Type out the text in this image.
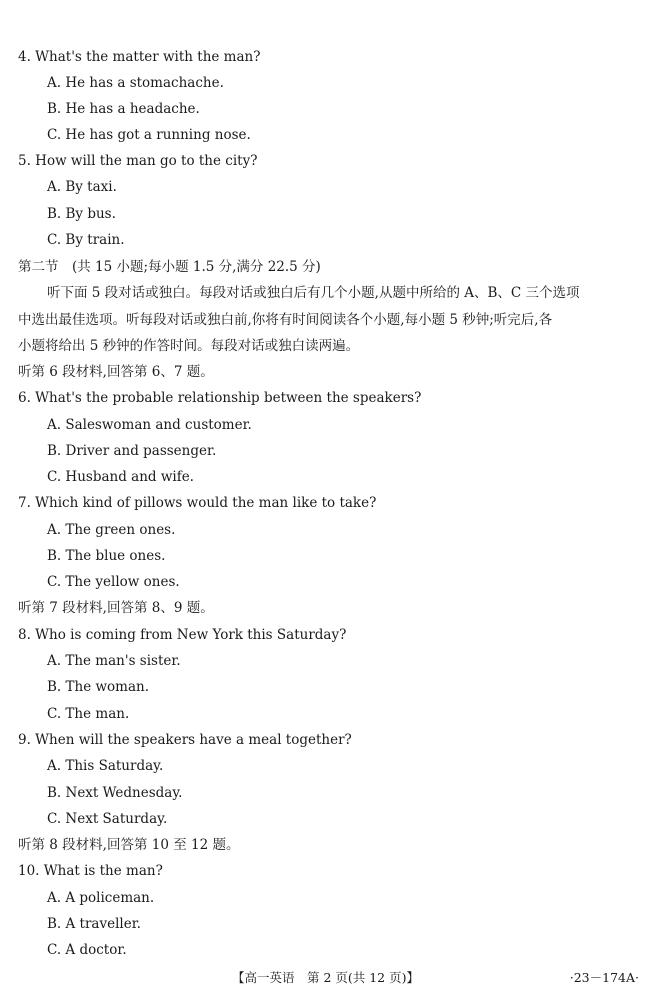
4. What's the matter with the man?
A. He has a stomachache.
B. He has a headache.
C. He has got a running nose.
5. How will the man go to the city?
A. By taxi.
B. By bus.
C. By train.
第二节　(共 15 小题;每小题 1.5 分,满分 22.5 分)
听下面 5 段对话或独白。每段对话或独白后有几个小题,从题中所给的 A、B、C 三个选项
中选出最佳选项。听每段对话或独白前,你将有时间阅读各个小题,每小题 5 秒钟;听完后,各
小题将给出 5 秒钟的作答时间。每段对话或独白读两遍。
听第 6 段材料,回答第 6、7 题。
6. What's the probable relationship between the speakers?
A. Saleswoman and customer.
B. Driver and passenger.
C. Husband and wife.
7. Which kind of pillows would the man like to take?
A. The green ones.
B. The blue ones.
C. The yellow ones.
听第 7 段材料,回答第 8、9 题。
8. Who is coming from New York this Saturday?
A. The man's sister.
B. The woman.
C. The man.
9. When will the speakers have a meal together?
A. This Saturday.
B. Next Wednesday.
C. Next Saturday.
听第 8 段材料,回答第 10 至 12 题。
10. What is the man?
A. A policeman.
B. A traveller.
C. A doctor.
【高一英语　第 2 页(共 12 页)】	·23－174A·
